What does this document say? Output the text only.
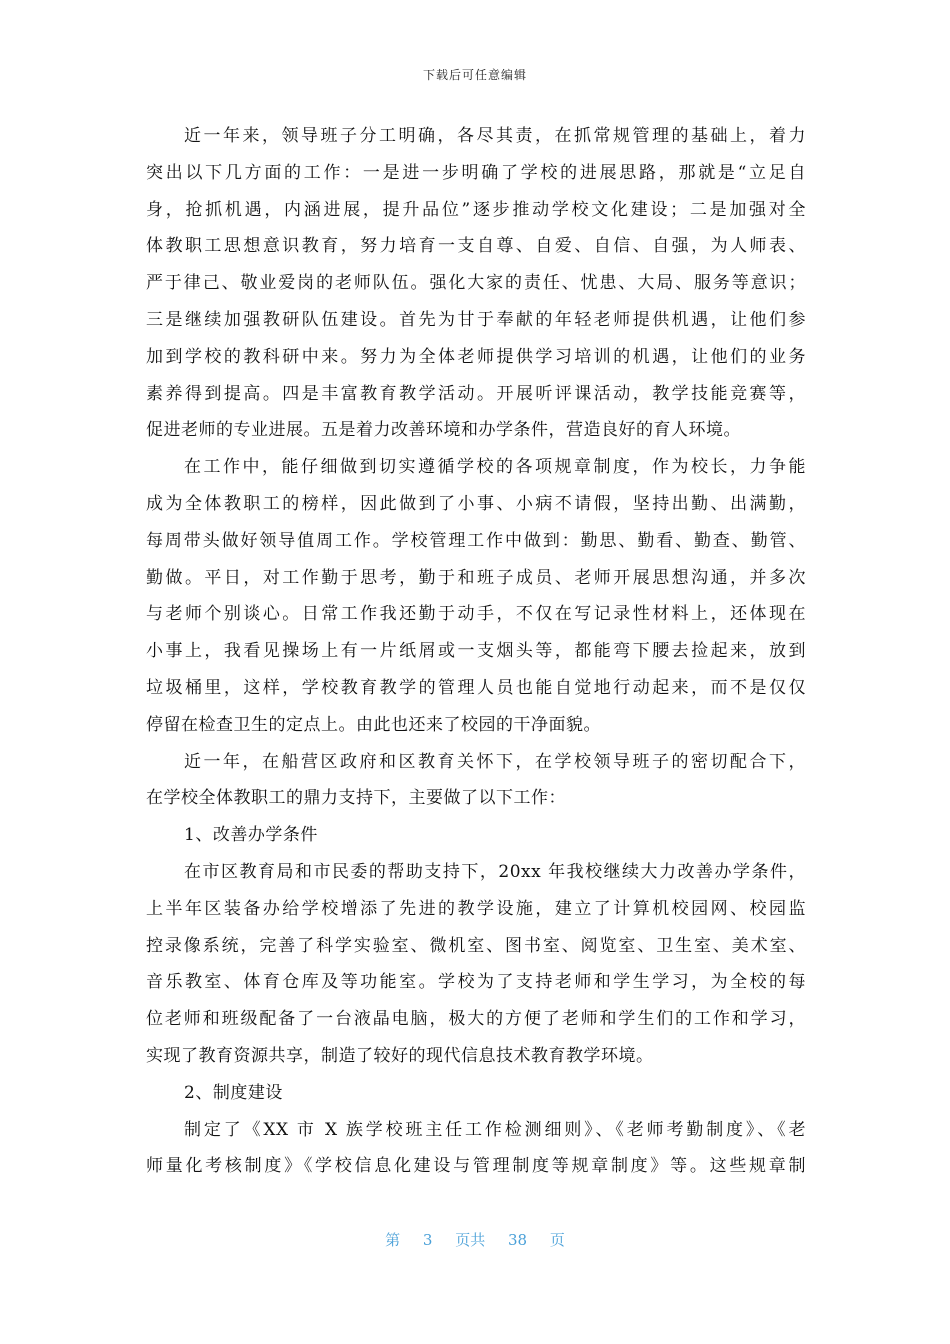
下载后可任意编辑
近一年来，领导班子分工明确，各尽其责，在抓常规管理的基础上，着力
突出以下几方面的工作：一是进一步明确了学校的进展思路，那就是“立足自
身，抢抓机遇，内涵进展，提升品位”逐步推动学校文化建设；二是加强对全
体教职工思想意识教育，努力培育一支自尊、自爱、自信、自强，为人师表、
严于律己、敬业爱岗的老师队伍。强化大家的责任、忧患、大局、服务等意识；
三是继续加强教研队伍建设。首先为甘于奉献的年轻老师提供机遇，让他们参
加到学校的教科研中来。努力为全体老师提供学习培训的机遇，让他们的业务
素养得到提高。四是丰富教育教学活动。开展听评课活动，教学技能竞赛等，
促进老师的专业进展。五是着力改善环境和办学条件，营造良好的育人环境。
在工作中，能仔细做到切实遵循学校的各项规章制度，作为校长，力争能
成为全体教职工的榜样，因此做到了小事、小病不请假，坚持出勤、出满勤，
每周带头做好领导值周工作。学校管理工作中做到：勤思、勤看、勤查、勤管、
勤做。平日，对工作勤于思考，勤于和班子成员、老师开展思想沟通，并多次
与老师个别谈心。日常工作我还勤于动手，不仅在写记录性材料上，还体现在
小事上，我看见操场上有一片纸屑或一支烟头等，都能弯下腰去捡起来，放到
垃圾桶里，这样，学校教育教学的管理人员也能自觉地行动起来，而不是仅仅
停留在检查卫生的定点上。由此也还来了校园的干净面貌。
近一年，在船营区政府和区教育关怀下，在学校领导班子的密切配合下，
在学校全体教职工的鼎力支持下，主要做了以下工作：
1、改善办学条件
在市区教育局和市民委的帮助支持下，20xx 年我校继续大力改善办学条件，
上半年区装备办给学校增添了先进的教学设施，建立了计算机校园网、校园监
控录像系统，完善了科学实验室、微机室、图书室、阅览室、卫生室、美术室、
音乐教室、体育仓库及等功能室。学校为了支持老师和学生学习，为全校的每
位老师和班级配备了一台液晶电脑，极大的方便了老师和学生们的工作和学习，
实现了教育资源共享，制造了较好的现代信息技术教育教学环境。
2、制度建设
制定了《XX 市 X 族学校班主任工作检测细则》、《老师考勤制度》、《老
师量化考核制度》《学校信息化建设与管理制度等规章制度》等。这些规章制
第 3 页共 38 页
